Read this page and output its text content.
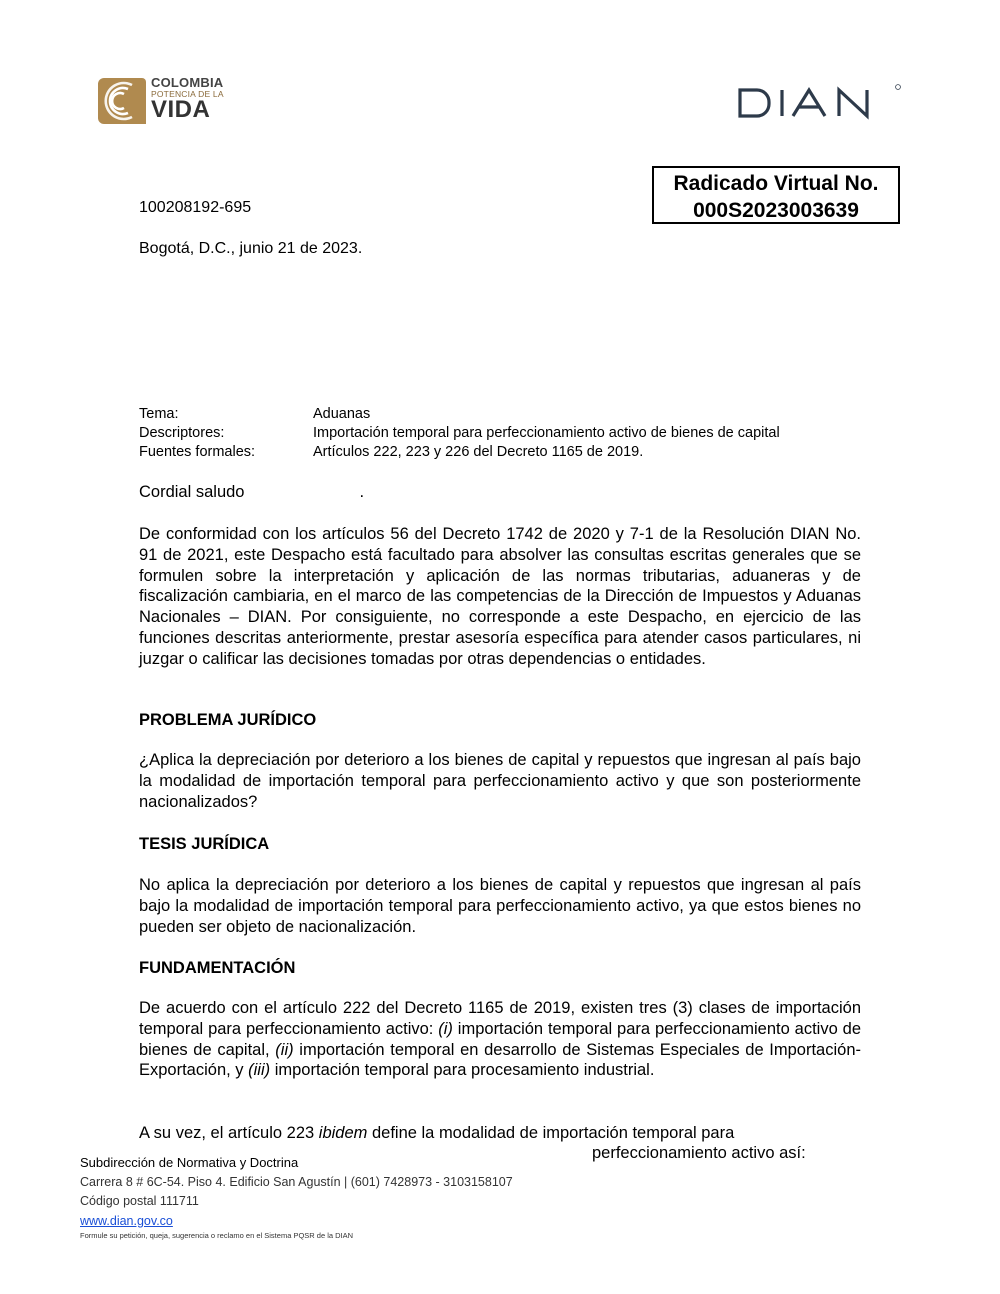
COLOMBIA
POTENCIA DE LA
VIDA
Radicado Virtual No.
000S2023003639
100208192-695
Bogotá, D.C., junio 21 de 2023.
Tema:	Aduanas
Descriptores:	Importación temporal para perfeccionamiento activo de bienes de capital
Fuentes formales:	Artículos 222, 223 y 226 del Decreto 1165 de 2019.
Cordial saludo	.
De conformidad con los artículos 56 del Decreto 1742 de 2020 y 7-1 de la Resolución DIAN No. 91 de 2021, este Despacho está facultado para absolver las consultas escritas generales que se formulen sobre la interpretación y aplicación de las normas tributarias, aduaneras y de fiscalización cambiaria, en el marco de las competencias de la Dirección de Impuestos y Aduanas Nacionales – DIAN. Por consiguiente, no corresponde a este Despacho, en ejercicio de las funciones descritas anteriormente, prestar asesoría específica para atender casos particulares, ni juzgar o calificar las decisiones tomadas por otras dependencias o entidades.
PROBLEMA JURÍDICO
¿Aplica la depreciación por deterioro a los bienes de capital y repuestos que ingresan al país bajo la modalidad de importación temporal para perfeccionamiento activo y que son posteriormente nacionalizados?
TESIS JURÍDICA
No aplica la depreciación por deterioro a los bienes de capital y repuestos que ingresan al país bajo la modalidad de importación temporal para perfeccionamiento activo, ya que estos bienes no pueden ser objeto de nacionalización.
FUNDAMENTACIÓN
De acuerdo con el artículo 222 del Decreto 1165 de 2019, existen tres (3) clases de importación temporal para perfeccionamiento activo: (i) importación temporal para perfeccionamiento activo de bienes de capital, (ii) importación temporal en desarrollo de Sistemas Especiales de Importación-Exportación, y (iii) importación temporal para procesamiento industrial.
A su vez, el artículo 223 ibidem define la modalidad de importación temporal para
perfeccionamiento activo así:
Subdirección de Normativa y Doctrina
Carrera 8 # 6C-54. Piso 4. Edificio San Agustín | (601) 7428973 - 3103158107
Código postal 111711
www.dian.gov.co
Formule su petición, queja, sugerencia o reclamo en el Sistema PQSR de la DIAN
